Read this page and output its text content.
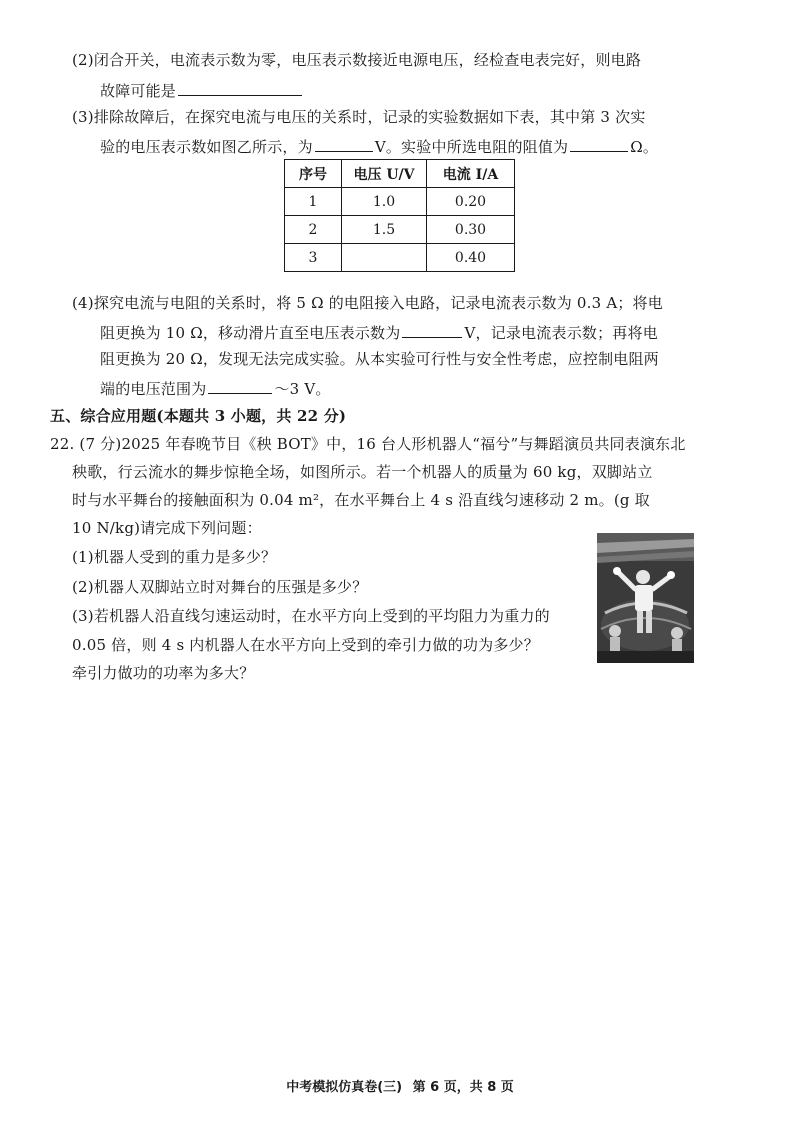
(2)闭合开关，电流表示数为零，电压表示数接近电源电压，经检查电表完好，则电路
故障可能是
(3)排除故障后，在探究电流与电压的关系时，记录的实验数据如下表，其中第 3 次实
验的电压表示数如图乙所示，为	V。实验中所选电阻的阻值为	Ω。
序号	电压 U/V	电流 I/A
1	1.0	0.20
2	1.5	0.30
3		0.40
(4)探究电流与电阻的关系时，将 5 Ω 的电阻接入电路，记录电流表示数为 0.3 A；将电
阻更换为 10 Ω，移动滑片直至电压表示数为	V，记录电流表示数；再将电
阻更换为 20 Ω，发现无法完成实验。从本实验可行性与安全性考虑，应控制电阻两
端的电压范围为	～3 V。
五、综合应用题(本题共 3 小题，共 22 分)
22. (7 分)2025 年春晚节目《秧 BOT》中，16 台人形机器人“福兮”与舞蹈演员共同表演东北
秧歌，行云流水的舞步惊艳全场，如图所示。若一个机器人的质量为 60 kg，双脚站立
时与水平舞台的接触面积为 0.04 m²，在水平舞台上 4 s 沿直线匀速移动 2 m。(g 取
10 N/kg)请完成下列问题：
(1)机器人受到的重力是多少？
(2)机器人双脚站立时对舞台的压强是多少？
(3)若机器人沿直线匀速运动时，在水平方向上受到的平均阻力为重力的
0.05 倍，则 4 s 内机器人在水平方向上受到的牵引力做的功为多少？
牵引力做功的功率为多大？
中考模拟仿真卷(三) 第 6 页，共 8 页
